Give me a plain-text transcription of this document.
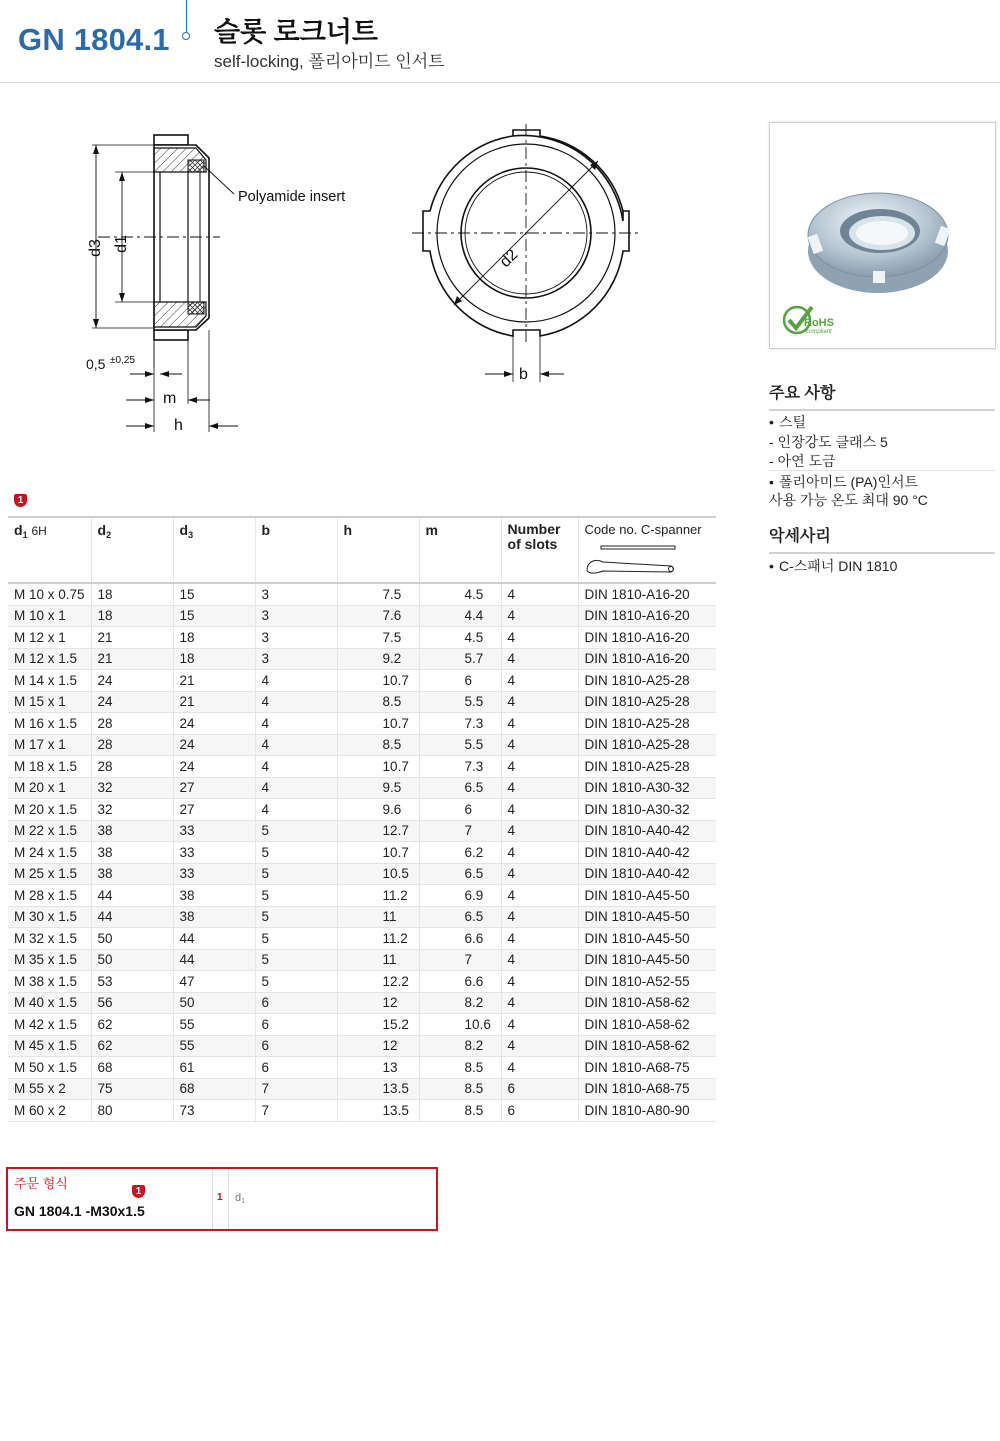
GN 1804.1 슬롯 로크너트
self-locking, 폴리아미드 인서트
d3 d1
Polyamide insert
0,5 ±0,25
m
h
d2
b
RoHS
compliant
주요 사항
• 스틸
- 인장강도 클래스 5
- 아연 도금
• 폴리아미드 (PA)인서트
사용 가능 온도 최대 90 °C
악세사리
• C-스패너 DIN 1810
1
$d_1$ 6H	$d_2$	$d_3$	b	h	m	Number
of slots	Code no. C-spanner

M 10 x 0.75	18	15	3	7.5	4.5	4	DIN 1810-A16-20
M 10 x 1	18	15	3	7.6	4.4	4	DIN 1810-A16-20
M 12 x 1	21	18	3	7.5	4.5	4	DIN 1810-A16-20
M 12 x 1.5	21	18	3	9.2	5.7	4	DIN 1810-A16-20
M 14 x 1.5	24	21	4	10.7	6	4	DIN 1810-A25-28
M 15 x 1	24	21	4	8.5	5.5	4	DIN 1810-A25-28
M 16 x 1.5	28	24	4	10.7	7.3	4	DIN 1810-A25-28
M 17 x 1	28	24	4	8.5	5.5	4	DIN 1810-A25-28
M 18 x 1.5	28	24	4	10.7	7.3	4	DIN 1810-A25-28
M 20 x 1	32	27	4	9.5	6.5	4	DIN 1810-A30-32
M 20 x 1.5	32	27	4	9.6	6	4	DIN 1810-A30-32
M 22 x 1.5	38	33	5	12.7	7	4	DIN 1810-A40-42
M 24 x 1.5	38	33	5	10.7	6.2	4	DIN 1810-A40-42
M 25 x 1.5	38	33	5	10.5	6.5	4	DIN 1810-A40-42
M 28 x 1.5	44	38	5	11.2	6.9	4	DIN 1810-A45-50
M 30 x 1.5	44	38	5	11	6.5	4	DIN 1810-A45-50
M 32 x 1.5	50	44	5	11.2	6.6	4	DIN 1810-A45-50
M 35 x 1.5	50	44	5	11	7	4	DIN 1810-A45-50
M 38 x 1.5	53	47	5	12.2	6.6	4	DIN 1810-A52-55
M 40 x 1.5	56	50	6	12	8.2	4	DIN 1810-A58-62
M 42 x 1.5	62	55	6	15.2	10.6	4	DIN 1810-A58-62
M 45 x 1.5	62	55	6	12	8.2	4	DIN 1810-A58-62
M 50 x 1.5	68	61	6	13	8.5	4	DIN 1810-A68-75
M 55 x 2	75	68	7	13.5	8.5	6	DIN 1810-A68-75
M 60 x 2	80	73	7	13.5	8.5	6	DIN 1810-A80-90
주문 형식
1
GN 1804.1 -M30x1.5
1 d1
